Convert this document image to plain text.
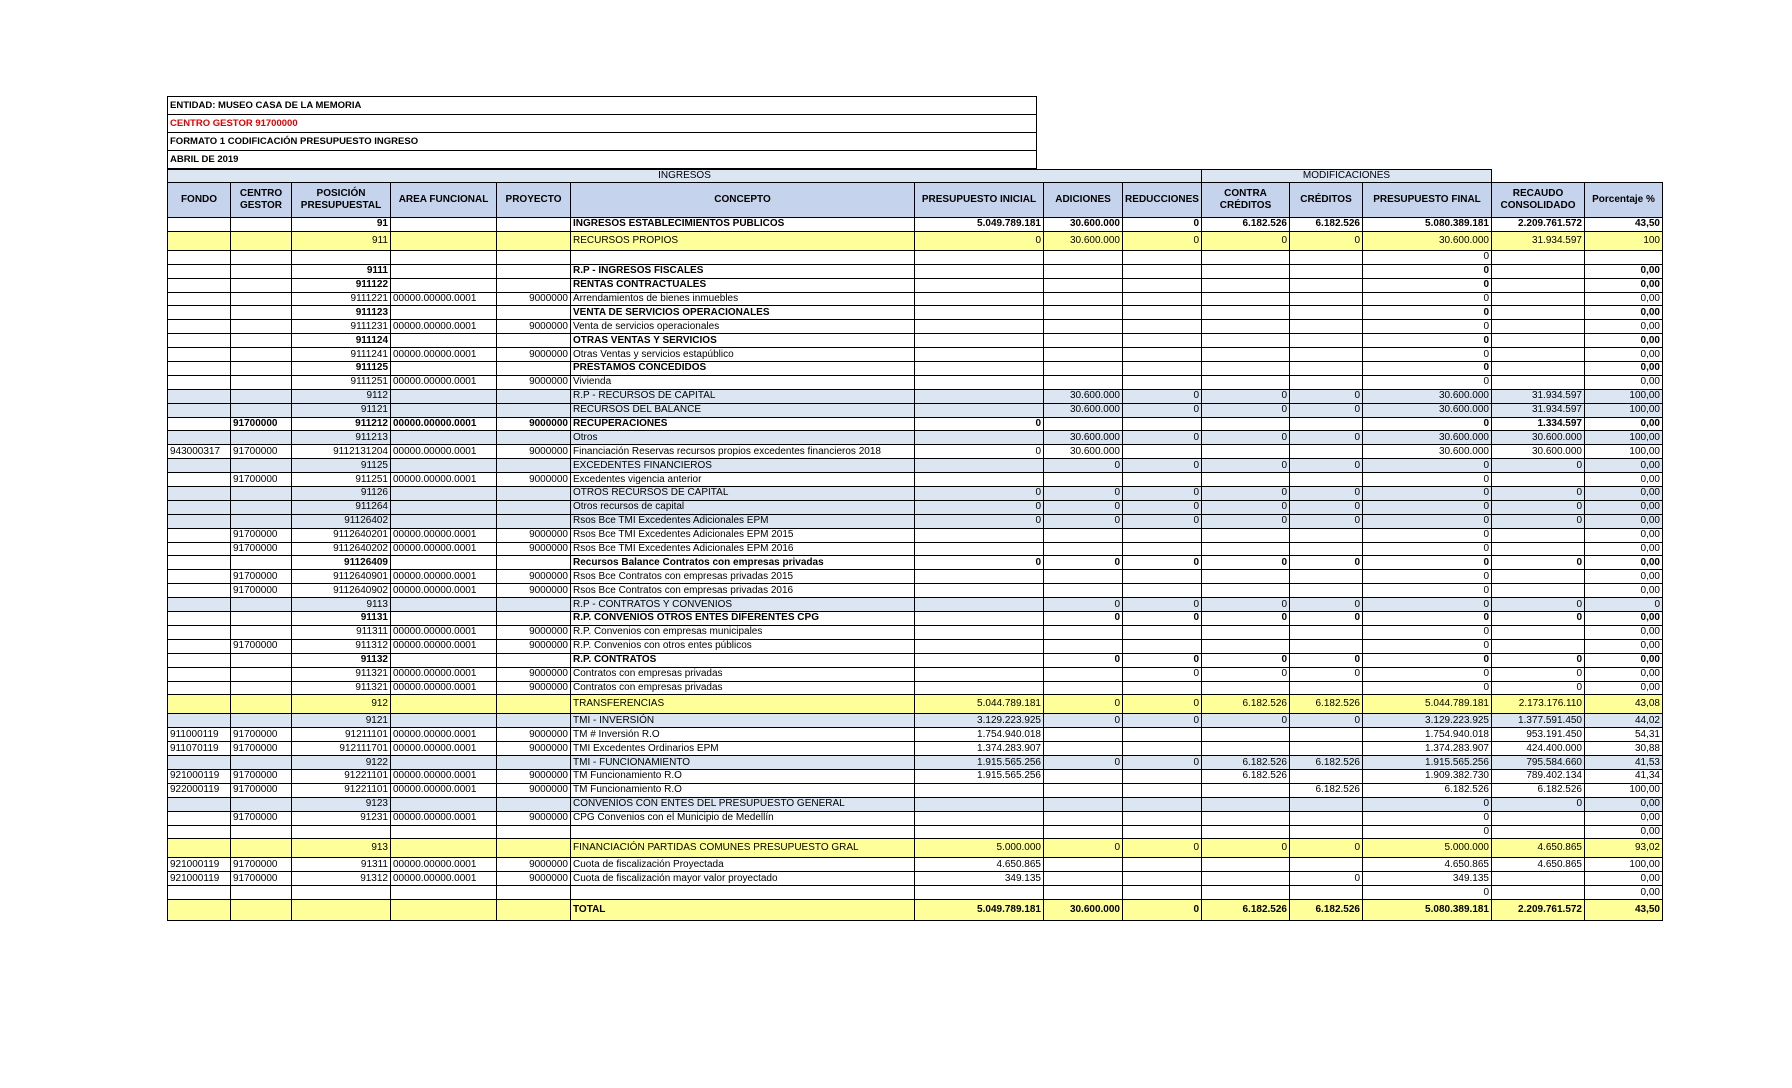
ENTIDAD: MUSEO CASA DE LA MEMORIA
CENTRO GESTOR 91700000
FORMATO 1 CODIFICACIÓN PRESUPUESTO INGRESO
ABRIL DE 2019
INGRESOS									MODIFICACIONES				
FONDO	CENTRO GESTOR	POSICIÓN PRESUPUESTAL	AREA FUNCIONAL	PROYECTO	CONCEPTO	PRESUPUESTO INICIAL	ADICIONES	REDUCCIONES	CONTRA CRÉDITOS	CRÉDITOS	PRESUPUESTO FINAL	RECAUDO CONSOLIDADO	Porcentaje %
		91			INGRESOS ESTABLECIMIENTOS PUBLICOS	5.049.789.181	30.600.000	0	6.182.526	6.182.526	5.080.389.181	2.209.761.572	43,50
		911			RECURSOS PROPIOS	0	30.600.000	0	0	0	30.600.000	31.934.597	100
											0		
		9111			R.P - INGRESOS FISCALES						0		0,00
		911122			RENTAS CONTRACTUALES						0		0,00
		9111221	00000.00000.0001	9000000	Arrendamientos de bienes inmuebles						0		0,00
		911123			VENTA DE SERVICIOS OPERACIONALES						0		0,00
		9111231	00000.00000.0001	9000000	Venta de servicios operacionales						0		0,00
		911124			OTRAS VENTAS Y SERVICIOS						0		0,00
		9111241	00000.00000.0001	9000000	Otras Ventas y servicios estapúblico						0		0,00
		911125			PRÉSTAMOS CONCEDIDOS						0		0,00
		9111251	00000.00000.0001	9000000	Vivienda						0		0,00
		9112			R.P - RECURSOS DE CAPITAL		30.600.000	0	0	0	30.600.000	31.934.597	100,00
		91121			RECURSOS DEL BALANCE		30.600.000	0	0	0	30.600.000	31.934.597	100,00
	91700000	911212	00000.00000.0001	9000000	RECUPERACIONES	0					0	1.334.597	0,00
		911213			Otros		30.600.000	0	0	0	30.600.000	30.600.000	100,00
943000317	91700000	9112131204	00000.00000.0001	9000000	Financiación Reservas recursos propios excedentes financieros 2018	0	30.600.000				30.600.000	30.600.000	100,00
		91125			EXCEDENTES FINANCIEROS		0	0	0	0	0	0	0,00
	91700000	911251	00000.00000.0001	9000000	Excedentes vigencia anterior						0		0,00
		91126			OTROS RECURSOS DE CAPITAL	0	0	0	0	0	0	0	0,00
		911264			Otros recursos de capital	0	0	0	0	0	0	0	0,00
		91126402			Rsos Bce TMI Excedentes Adicionales EPM	0	0	0	0	0	0	0	0,00
	91700000	9112640201	00000.00000.0001	9000000	Rsos Bce TMI Excedentes Adicionales EPM 2015						0		0,00
	91700000	9112640202	00000.00000.0001	9000000	Rsos Bce TMI Excedentes Adicionales EPM 2016						0		0,00
		91126409			Recursos Balance Contratos con empresas privadas	0	0	0	0	0	0	0	0,00
	91700000	9112640901	00000.00000.0001	9000000	Rsos Bce Contratos con empresas privadas 2015						0		0,00
	91700000	9112640902	00000.00000.0001	9000000	Rsos Bce Contratos con empresas privadas 2016						0		0,00
		9113			R.P - CONTRATOS Y CONVENIOS		0	0	0	0	0	0	0
		91131			R.P. CONVENIOS OTROS ENTES DIFERENTES CPG		0	0	0	0	0	0	0,00
		911311	00000.00000.0001	9000000	R.P. Convenios con empresas municipales						0		0,00
	91700000	911312	00000.00000.0001	9000000	R.P. Convenios con otros entes públicos						0		0,00
		91132			R.P. CONTRATOS		0	0	0	0	0	0	0,00
		911321	00000.00000.0001	9000000	Contratos con empresas privadas			0	0	0	0	0	0,00
		911321	00000.00000.0001	9000000	Contratos con empresas privadas						0	0	0,00
		912			TRANSFERENCIAS	5.044.789.181	0	0	6.182.526	6.182.526	5.044.789.181	2.173.176.110	43,08
		9121			TMI - INVERSIÓN	3.129.223.925	0	0	0	0	3.129.223.925	1.377.591.450	44,02
911000119	91700000	91211101	00000.00000.0001	9000000	TM # Inversión R.O	1.754.940.018					1.754.940.018	953.191.450	54,31
911070119	91700000	912111701	00000.00000.0001	9000000	TMI Excedentes Ordinarios EPM	1.374.283.907					1.374.283.907	424.400.000	30,88
		9122			TMI - FUNCIONAMIENTO	1.915.565.256	0	0	6.182.526	6.182.526	1.915.565.256	795.584.660	41,53
921000119	91700000	91221101	00000.00000.0001	9000000	TM Funcionamiento R.O	1.915.565.256			6.182.526		1.909.382.730	789.402.134	41,34
922000119	91700000	91221101	00000.00000.0001	9000000	TM Funcionamiento R.O					6.182.526	6.182.526	6.182.526	100,00
		9123			CONVENIOS CON ENTES DEL PRESUPUESTO GENERAL						0	0	0,00
	91700000	91231	00000.00000.0001	9000000	CPG Convenios con el Municipio de Medellín						0		0,00
											0		0,00
		913			FINANCIACIÓN PARTIDAS COMUNES PRESUPUESTO GRAL	5.000.000	0	0	0	0	5.000.000	4.650.865	93,02
921000119	91700000	91311	00000.00000.0001	9000000	Cuota de fiscalización Proyectada	4.650.865					4.650.865	4.650.865	100,00
921000119	91700000	91312	00000.00000.0001	9000000	Cuota de fiscalización mayor valor proyectado	349.135				0	349.135		0,00
											0		0,00
					TOTAL	5.049.789.181	30.600.000	0	6.182.526	6.182.526	5.080.389.181	2.209.761.572	43,50
